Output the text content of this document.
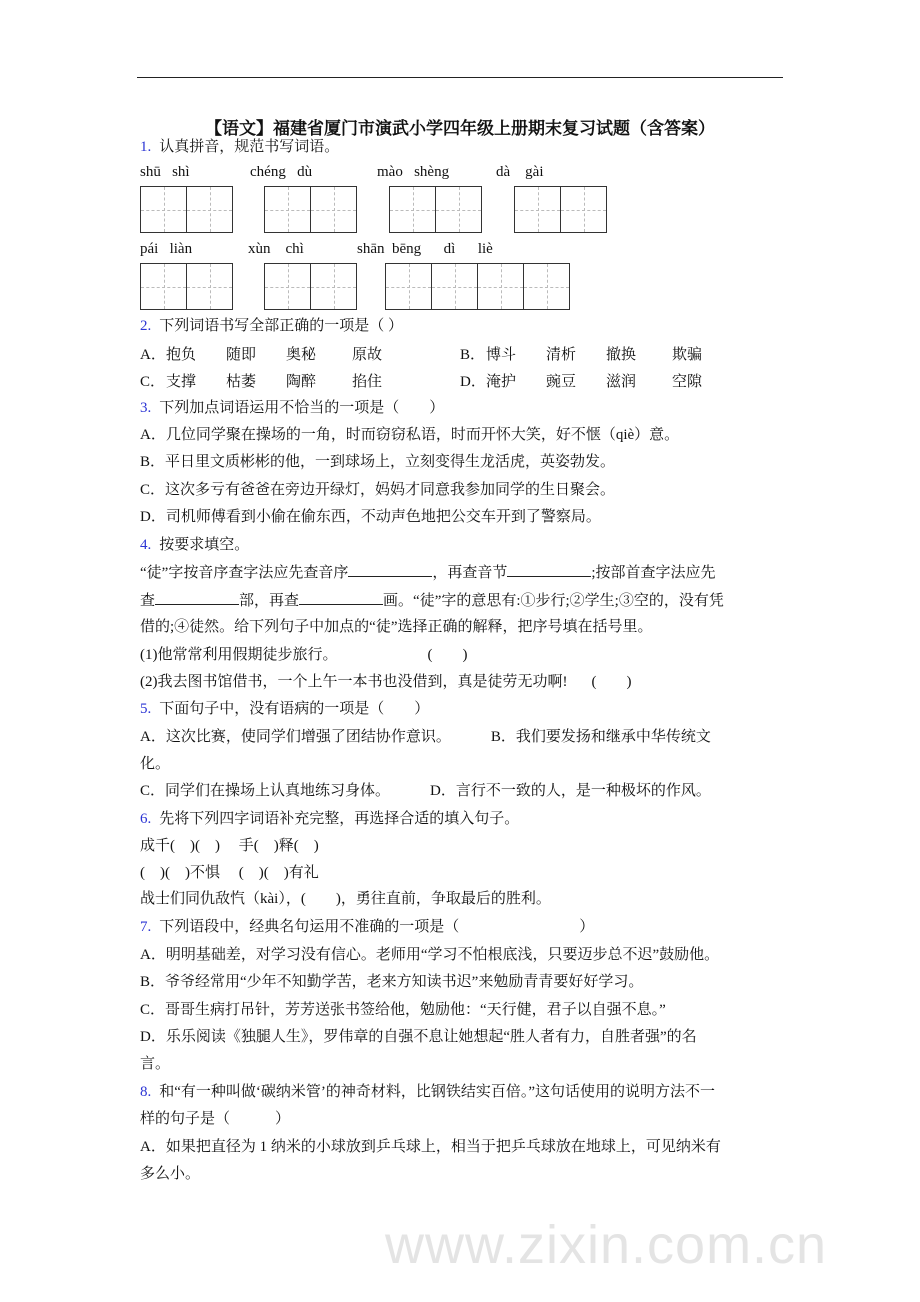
www.zixin.com.cn
【语文】福建省厦门市演武小学四年级上册期末复习试题（含答案）
1. 认真拼音，规范书写词语。
shū   shì	chéng   dù	mào   shèng	dà    gài
pái   liàn	xùn    chì	shān  bēng      dì      liè
2. 下列词语书写全部正确的一项是（ ）
A．抱负 随即 奥秘 原故	B．博斗 清析 撤换 欺骗
C．支撑 枯萎 陶醉 掐住	D．淹护 豌豆 滋润 空隙
3. 下列加点词语运用不恰当的一项是（　　）
A．几位同学聚在操场的一角，时而窃窃私语，时而开怀大笑，好不惬（qiè）意。
B．平日里文质彬彬的他，一到球场上，立刻变得生龙活虎，英姿勃发。
C．这次多亏有爸爸在旁边开绿灯，妈妈才同意我参加同学的生日聚会。
D．司机师傅看到小偷在偷东西，不动声色地把公交车开到了警察局。
4. 按要求填空。
“徒”字按音序查字法应先查音序	，再查音节	;按部首查字法应先
查	部，再查	画。“徒”字的意思有:①步行;②学生;③空的，没有凭
借的;④徒然。给下列句子中加点的“徒”选择正确的解释，把序号填在括号里。
(1)他常常利用假期徒步旅行。	(　　)
(2)我去图书馆借书，一个上午一本书也没借到，真是徒劳无功啊! (　　)
5. 下面句子中，没有语病的一项是（　　）
A．这次比赛，使同学们增强了团结协作意识。	B．我们要发扬和继承中华传统文
化。
C．同学们在操场上认真地练习身体。	D．言行不一致的人，是一种极坏的作风。
6. 先将下列四字词语补充完整，再选择合适的填入句子。
成千(　)(　)　 手(　)释(　)
(　)(　)不惧　 (　)(　)有礼
战士们同仇敌忾（kài），(　　)，勇往直前，争取最后的胜利。
7. 下列语段中，经典名句运用不准确的一项是（　　　　　　　　）
A．明明基础差，对学习没有信心。老师用“学习不怕根底浅，只要迈步总不迟”鼓励他。
B．爷爷经常用“少年不知勤学苦，老来方知读书迟”来勉励青青要好好学习。
C．哥哥生病打吊针，芳芳送张书签给他，勉励他：“天行健，君子以自强不息。”
D．乐乐阅读《独腿人生》，罗伟章的自强不息让她想起“胜人者有力，自胜者强”的名
言。
8. 和“有一种叫做‘碳纳米管’的神奇材料，比钢铁结实百倍。”这句话使用的说明方法不一
样的句子是（　　　）
A．如果把直径为 1 纳米的小球放到乒乓球上，相当于把乒乓球放在地球上，可见纳米有
多么小。
